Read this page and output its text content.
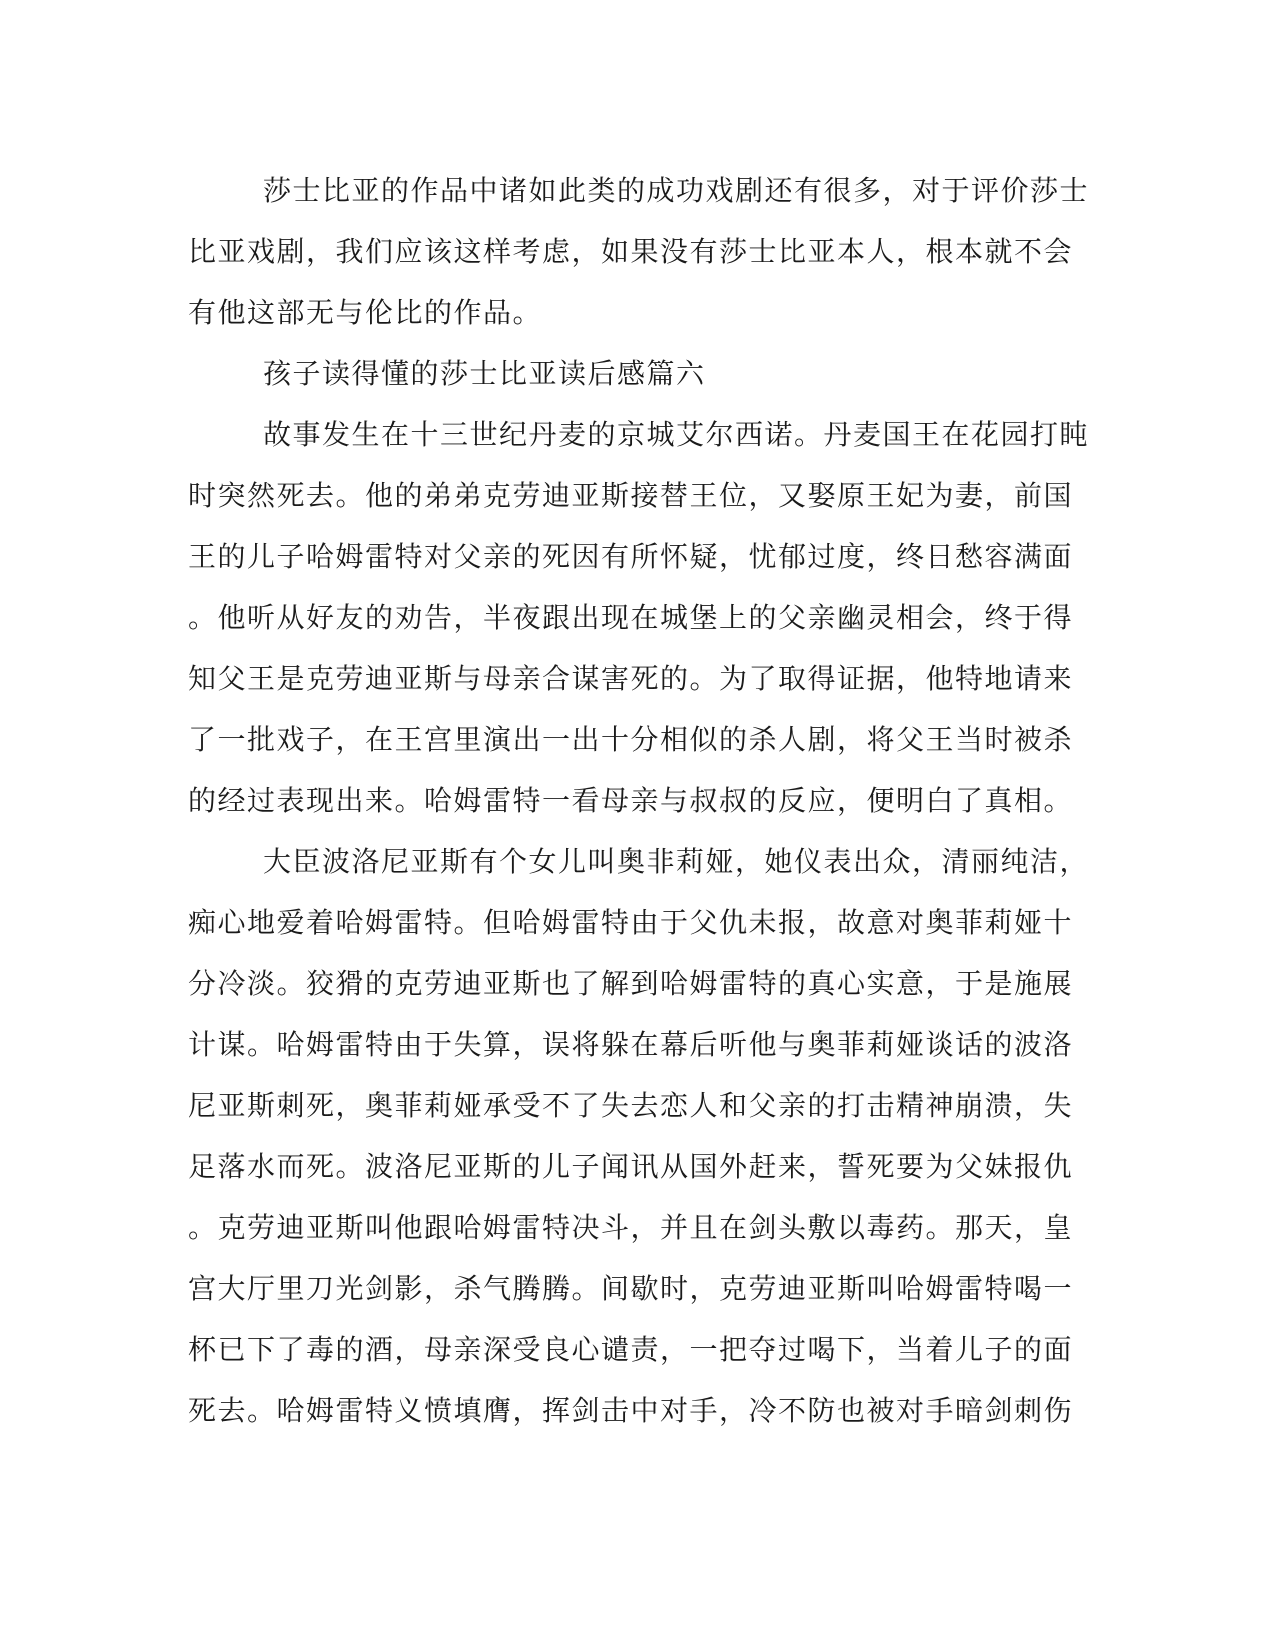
莎士比亚的作品中诸如此类的成功戏剧还有很多，对于评价莎士
比亚戏剧，我们应该这样考虑，如果没有莎士比亚本人，根本就不会
有他这部无与伦比的作品。
孩子读得懂的莎士比亚读后感篇六
故事发生在十三世纪丹麦的京城艾尔西诺。丹麦国王在花园打盹
时突然死去。他的弟弟克劳迪亚斯接替王位，又娶原王妃为妻，前国
王的儿子哈姆雷特对父亲的死因有所怀疑，忧郁过度，终日愁容满面
。他听从好友的劝告，半夜跟出现在城堡上的父亲幽灵相会，终于得
知父王是克劳迪亚斯与母亲合谋害死的。为了取得证据，他特地请来
了一批戏子，在王宫里演出一出十分相似的杀人剧，将父王当时被杀
的经过表现出来。哈姆雷特一看母亲与叔叔的反应，便明白了真相。
大臣波洛尼亚斯有个女儿叫奥非莉娅，她仪表出众，清丽纯洁，
痴心地爱着哈姆雷特。但哈姆雷特由于父仇未报，故意对奥菲莉娅十
分冷淡。狡猾的克劳迪亚斯也了解到哈姆雷特的真心实意，于是施展
计谋。哈姆雷特由于失算，误将躲在幕后听他与奥菲莉娅谈话的波洛
尼亚斯刺死，奥菲莉娅承受不了失去恋人和父亲的打击精神崩溃，失
足落水而死。波洛尼亚斯的儿子闻讯从国外赶来，誓死要为父妹报仇
。克劳迪亚斯叫他跟哈姆雷特决斗，并且在剑头敷以毒药。那天，皇
宫大厅里刀光剑影，杀气腾腾。间歇时，克劳迪亚斯叫哈姆雷特喝一
杯已下了毒的酒，母亲深受良心谴责，一把夺过喝下，当着儿子的面
死去。哈姆雷特义愤填膺，挥剑击中对手，冷不防也被对手暗剑刺伤
